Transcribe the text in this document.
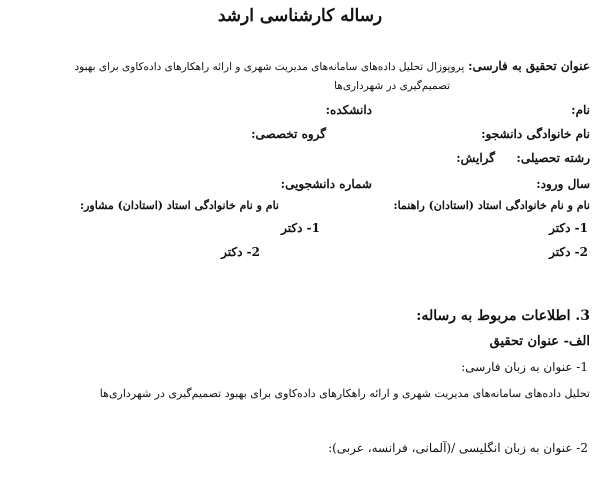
رساله کارشناسی ارشد
عنوان تحقیق به فارسی: پروپوزال تحلیل داده‌های سامانه‌های مدیریت شهری و ارائه راهکارهای داده‌کاوی برای بهبود
تصمیم‌گیری در شهرداری‌ها
نام:
دانشکده:
نام خانوادگی دانشجو:
گروه تخصصی:
رشته تحصیلی:
گرایش:
سال ورود:
شماره دانشجویی:
نام و نام خانوادگی استاد (استادان) راهنما:
نام و نام خانوادگی استاد (استادان) مشاور:
1- دکتر
1- دکتر
2- دکتر
2- دکتر
3. اطلاعات مربوط به رساله:
الف- عنوان تحقیق
1- عنوان به زبان فارسی:
تحلیل داده‌های سامانه‌های مدیریت شهری و ارائه راهکارهای داده‌کاوی برای بهبود تصمیم‌گیری در شهرداری‌ها
2- عنوان به زبان انگلیسی /(آلمانی، فرانسه، عربی):
